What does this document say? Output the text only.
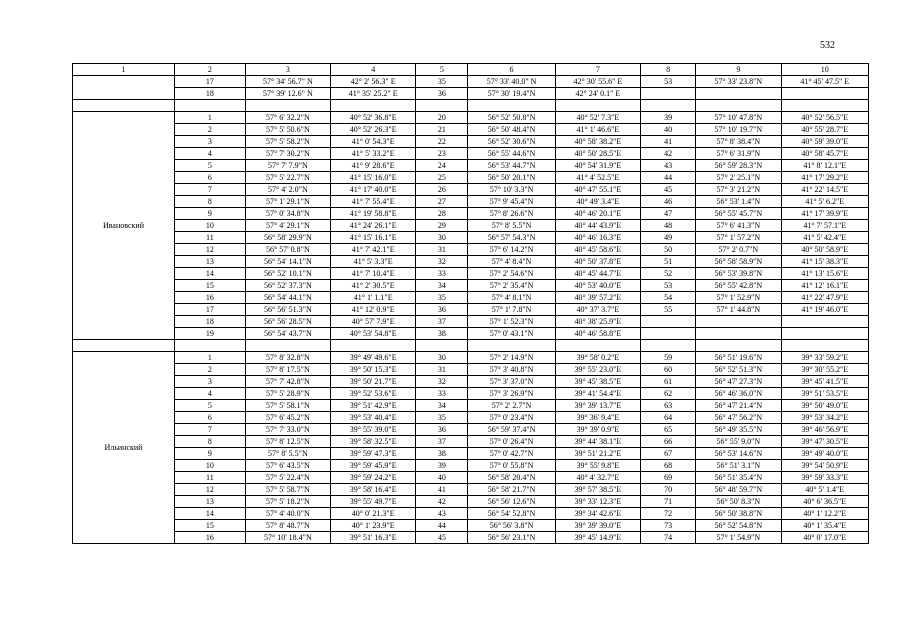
532
1	2	3	4	5	6	7	8	9	10
	17	57° 34' 56.7" N	42° 2' 56.3" E	35	57° 33' 40.0" N	42° 30' 55.6" E	53	57° 33' 23.8"N	41° 45' 47.5" E
	18	57° 39' 12.6" N	41° 35' 25.2" E	36	57° 30' 19.4"N	42° 24' 0.1" E			

Ивановский	1	57° 6' 32.2"N	40° 52' 36.8"E	20	56° 52' 50.8"N	40° 52' 7.3"E	39	57° 10' 47.8"N	40° 52' 56.5"E
	2	57° 5' 50.6"N	40° 52' 26.3"E	21	56° 50' 48.4"N	41° 1' 46.6"E	40	57° 10' 19.7"N	40° 55' 28.7"E
	3	57° 5' 58.2"N	41° 0' 54.3"E	22	56° 52' 30.6"N	40° 58' 38.2"E	41	57° 8' 38.4"N	40° 59' 39.0"E
	4	57° 7' 30.2"N	41° 5' 33.2"E	23	56° 55' 44.6"N	40° 50' 28.5"E	42	57° 6' 31.9"N	40° 58' 45.7"E
	5	57° 7' 7.9"N	41° 9' 28.6"E	24	56° 53' 44.7"N	40° 54' 31.9"E	43	56° 59' 28.3"N	41° 8' 12.1"E
	6	57° 5' 22.7"N	41° 15' 16.0"E	25	56° 50' 20.1"N	41° 4' 52.5"E	44	57° 2' 25.1"N	41° 17' 29.2"E
	7	57° 4' 2.0"N	41° 17' 40.0"E	26	57° 10' 3.3"N	40° 47' 55.1"E	45	57° 3' 21.2"N	41° 22' 14.5"E
	8	57° 1' 29.1"N	41° 7' 55.4"E	27	57° 9' 45.4"N	40° 49' 3.4"E	46	56° 53' 1.4"N	41° 5' 6.2"E
	9	57° 0' 34.8"N	41° 19' 58.8"E	28	57° 8' 26.6"N	40° 46' 20.1"E	47	56° 55' 45.7"N	41° 17' 39.9"E
	10	57° 4' 29.1"N	41° 24' 26.1"E	29	57° 8' 5.5"N	40° 44' 43.9"E	48	57° 6' 41.3"N	41° 7' 57.1"E
	11	56° 58' 29.9"N	41° 15' 16.1"E	30	56° 57' 54.3"N	40° 46' 16.3"E	49	57° 1' 57.2"N	41° 5' 42.4"E
	12	56° 57' 0.8"N	41° 7' 42.1"E	31	57° 6' 14.2"N	40° 45' 58.6"E	50	57° 2' 0.7"N	40° 50' 58.9"E
	13	56° 54' 14.1"N	41° 5' 3.3"E	32	57° 4' 8.4"N	40° 50' 37.8"E	51	56° 58' 58.9"N	41° 15' 38.3"E
	14	56° 52' 10.1"N	41° 7' 10.4"E	33	57° 2' 54.6"N	40° 45' 44.7"E	52	56° 53' 39.8"N	41° 13' 15.6"E
	15	56° 52' 37.3"N	41° 2' 30.5"E	34	57° 2' 35.4"N	40° 53' 40.0"E	53	56° 55' 42.8"N	41° 12' 16.1"E
	16	56° 54' 44.1"N	41° 1' 1.1"E	35	57° 4' 8.1"N	40° 39' 57.2"E	54	57° 1' 52.9"N	41° 22' 47.9"E
	17	56° 56' 51.3"N	41° 12' 0.9"E	36	57° 1' 7.8"N	40° 37' 3.7"E	55	57° 1' 44.8"N	41° 19' 46.0"E
	18	56° 56' 28.5"N	40° 57' 7.9"E	37	57° 1' 52.3"N	40° 38' 25.9"E			
	19	56° 54' 43.7"N	40° 53' 54.8"E	38	57° 0' 43.1"N	40° 46' 58.8"E			

Ильинский	1	57° 8' 32.8"N	39° 49' 49.6"E	30	57° 2' 14.9"N	39° 58' 0.2"E	59	56° 51' 19.6"N	39° 33' 59.2"E
	2	57° 8' 17.5"N	39° 50' 15.3"E	31	57° 3' 40.8"N	39° 55' 23.0"E	60	56° 52' 51.3"N	39° 30' 55.2"E
	3	57° 7' 42.8"N	39° 50' 21.7"E	32	57° 3' 37.0"N	39° 45' 38.5"E	61	56° 47' 27.3"N	39° 45' 41.5"E
	4	57° 5' 28.9"N	39° 52' 53.6"E	33	57° 3' 26.9"N	39° 41' 54.4"E	62	56° 46' 36.0"N	39° 51' 53.5"E
	5	57° 5' 58.1"N	39° 51' 42.9"E	34	57° 2' 2.7"N	39° 39' 13.7"E	63	56° 47' 21.4"N	39° 50' 49.0"E
	6	57° 6' 45.2"N	39° 53' 40.4"E	35	57° 0' 23.4"N	39° 36' 9.4"E	64	56° 47' 56.2"N	39° 53' 34.2"E
	7	57° 7' 33.0"N	39° 55' 39.0"E	36	56° 59' 37.4"N	39° 39' 0.9"E	65	56° 49' 35.5"N	39° 46' 56.9"E
	8	57° 8' 12.5"N	39° 58' 32.5"E	37	57° 0' 26.4"N	39° 44' 38.1"E	66	56° 55' 9.0"N	39° 47' 30.5"E
	9	57° 8' 5.5"N	39° 59' 47.3"E	38	57° 0' 42.7"N	39° 51' 21.2"E	67	56° 53' 14.6"N	39° 49' 40.0"E
	10	57° 6' 43.5"N	39° 59' 45.9"E	39	57° 0' 55.8"N	39° 55' 9.8"E	68	56° 51' 3.1"N	39° 54' 50.9"E
	11	57° 5' 22.4"N	39° 59' 24.2"E	40	56° 58' 20.4"N	40° 4' 32.7"E	69	56° 51' 35.4"N	39° 59' 33.3"E
	12	57° 5' 58.7"N	39° 58' 16.4"E	41	56° 58' 21.7"N	39° 57' 38.5"E	70	56° 48' 59.7"N	40° 5' 1.4"E
	13	57° 5' 18.2"N	39° 55' 49.7"E	42	56° 56' 12.6"N	39° 33' 12.3"E	71	56° 50' 8.3"N	40° 6' 36.5"E
	14	57° 4' 40.0"N	40° 0' 21.3"E	43	56° 54' 52.8"N	39° 34' 42.6"E	72	56° 50' 38.8"N	40° 1' 12.2"E
	15	57° 8' 48.7"N	40° 1' 23.9"E	44	56° 56' 3.8"N	39° 39' 39.0"E	73	56° 52' 54.8"N	40° 1' 35.4"E
	16	57° 10' 18.4"N	39° 51' 16.3"E	45	56° 56' 23.1"N	39° 45' 14.9"E	74	57° 1' 54.9"N	40° 0' 17.0"E
